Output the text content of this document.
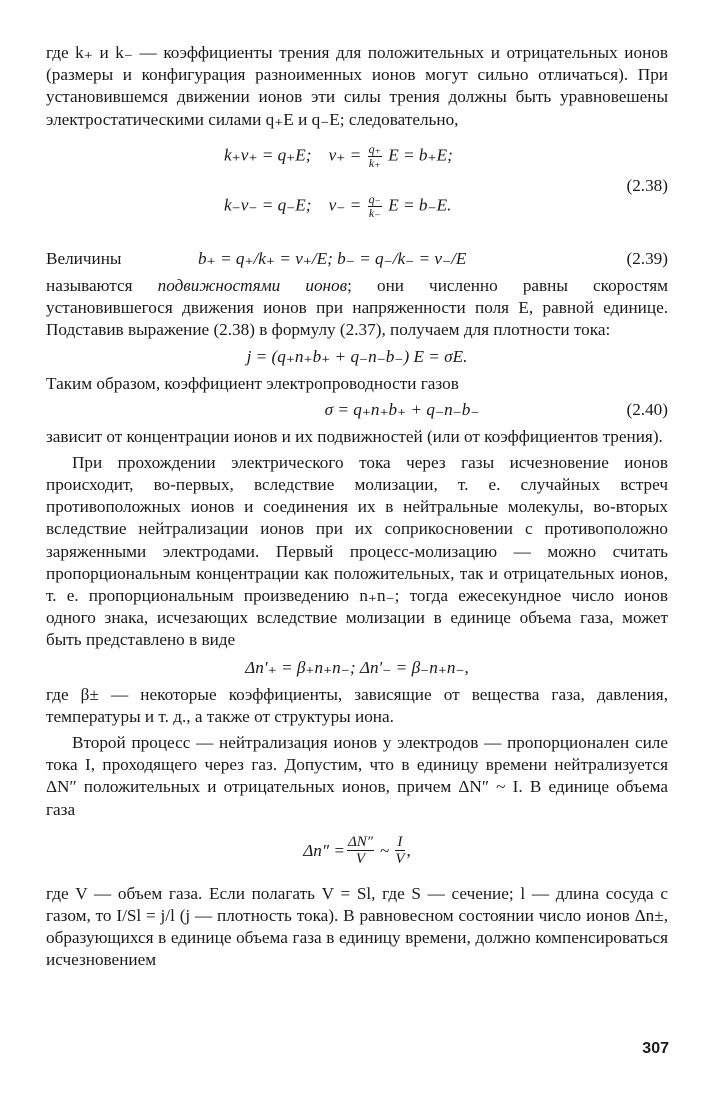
где k₊ и k₋ — коэффициенты трения для положительных и отрицательных ионов (размеры и конфигурация разноименных ионов могут сильно отличаться). При установившемся движении ионов эти силы трения должны быть уравновешены электростатическими силами q₊E и q₋E; следовательно,

k₊v₊ = q₊E; $v_+ = \frac{q_+}{k_+}$ E = b₊E;
k₋v₋ = q₋E; $v_- = \frac{q_-}{k_-}$ E = b₋E.
(2.38)
Величины	b₊ = q₊/k₊ = v₊/E; b₋ = q₋/k₋ = v₋/E	(2.39)

называются подвижностями ионов; они численно равны скоростям установившегося движения ионов при напряженности поля E, равной единице. Подставив выражение (2.38) в формулу (2.37), получаем для плотности тока:

j = (q₊n₊b₊ + q₋n₋b₋) E = σE.

Таким образом, коэффициент электропроводности газов

σ = q₊n₊b₊ + q₋n₋b₋	(2.40)

зависит от концентрации ионов и их подвижностей (или от коэффициентов трения).

При прохождении электрического тока через газы исчезновение ионов происходит, во-первых, вследствие молизации, т. е. случайных встреч противоположных ионов и соединения их в нейтральные молекулы, во-вторых вследствие нейтрализации ионов при их соприкосновении с противоположно заряженными электродами. Первый процесс-молизацию — можно считать пропорциональным концентрации как положительных, так и отрицательных ионов, т. е. пропорциональным произведению n₊n₋; тогда ежесекундное число ионов одного знака, исчезающих вследствие молизации в единице объема газа, может быть представлено в виде

Δn′₊ = β₊n₊n₋; Δn′₋ = β₋n₊n₋,

где β± — некоторые коэффициенты, зависящие от вещества газа, давления, температуры и т. д., а также от структуры иона.

Второй процесс — нейтрализация ионов у электродов — пропорционален силе тока I, проходящего через газ. Допустим, что в единицу времени нейтрализуется ΔN″ положительных и отрицательных ионов, причем ΔN″ ~ I. В единице объема газа

$\Delta n'' = \frac{\Delta N''}{V}$ ~ $\frac{I}{V}$ ,

где V — объем газа. Если полагать V = Sl, где S — сечение; l — длина сосуда с газом, то I/Sl = j/l (j — плотность тока). В равновесном состоянии число ионов Δn±, образующихся в единице объема газа в единицу времени, должно компенсироваться исчезновением

307
